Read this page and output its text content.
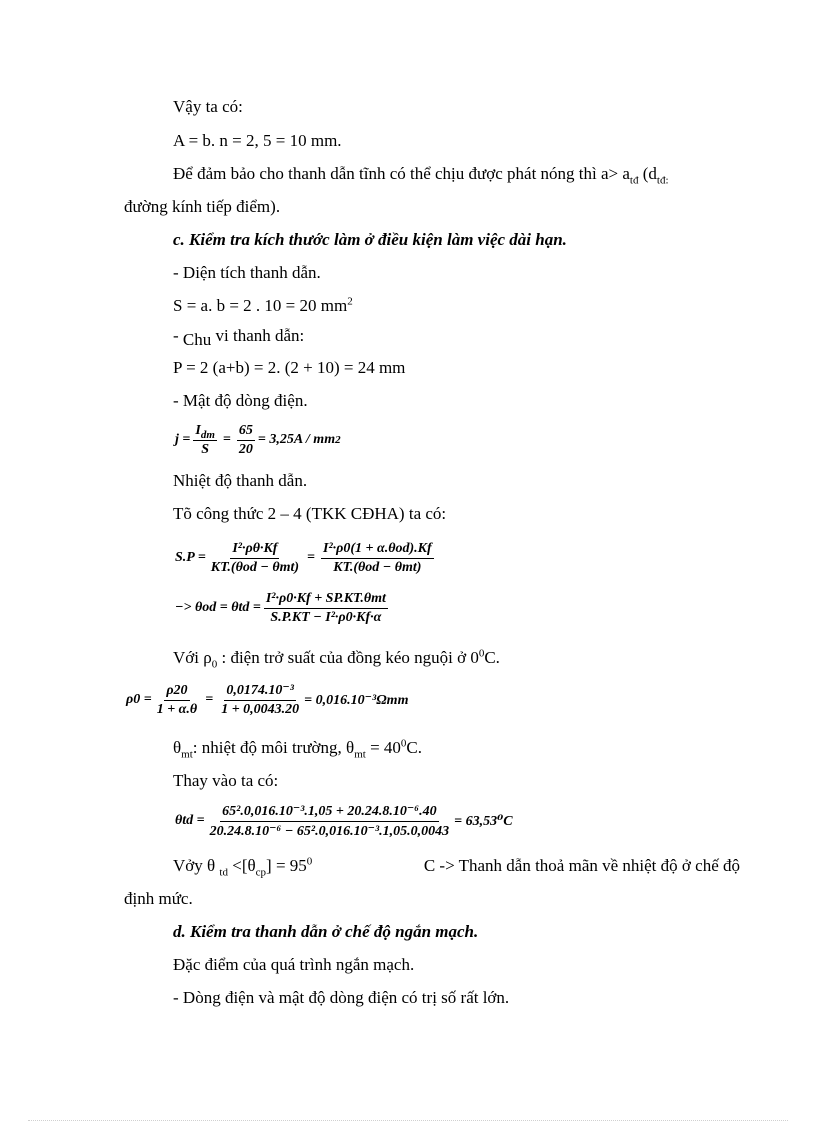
Vậy ta có:
A = b. n = 2, 5 = 10 mm.
Để đảm bảo cho thanh dẫn tĩnh có thể chịu được phát nóng thì $a> a_{tđ}$ ($d_{tđ:}$
đường kính tiếp điểm).
c. Kiểm tra kích thước làm ở điều kiện làm việc dài hạn.
- Diện tích thanh dẫn.
S = a. b = 2 . 10 = 20 $mm^2$
- Chu vi thanh dẫn:
P = 2 (a+b) = 2. (2 + 10) = 24 mm
- Mật độ dòng điện.
$j = \frac{I_{dm}}{S} = \frac{65}{20} = 3,25A$ / mm 2
Nhiệt độ thanh dẫn.
Tõ công thức 2 – 4 (TKK CĐHA) ta có:
$S.P = \frac{\text{I²·ρθ·Kf}}{\text{KT.(θod − θmt)}} = \frac{\text{I²·ρ0(1 + α.θod).Kf}}{\text{KT.(θod − θmt)}}$
−> $\theta od = \theta td = \frac{\text{I²·ρ0·Kf + SP.KT.θmt}}{\text{S.P.KT − I²·ρ0·Kf·α}}$
Với $\rho_0$ : điện trở suất của đồng kéo nguội ở $0^0C$.
$\rho 0 = \frac{\rho 20}{1 + \alpha.\theta} = \frac{\text{0,0174.10⁻³}}{1 + 0,0043.20} = 0,016.10^{-3}\Omega mm$
$\theta_{mt}$: nhiệt độ môi trường, $\theta_{mt} = 40^0C$.
Thay vào ta có:
$\theta td = \frac{\text{65².0,016.10⁻³.1,05 + 20.24.8.10⁻⁶.40}}{\text{20.24.8.10⁻⁶ − 65².0,016.10⁻³.1,05.0,0043}} = 63,53^0C$
Vởy θ $_{td} <[\theta_{cp}] = 95^0$	C -> Thanh dẫn thoả mãn về nhiệt độ ở chế độ
định mức.
d. Kiểm tra thanh dẫn ở chế độ ngắn mạch.
Đặc điểm của quá trình ngắn mạch.
- Dòng điện và mật độ dòng điện có trị số rất lớn.
